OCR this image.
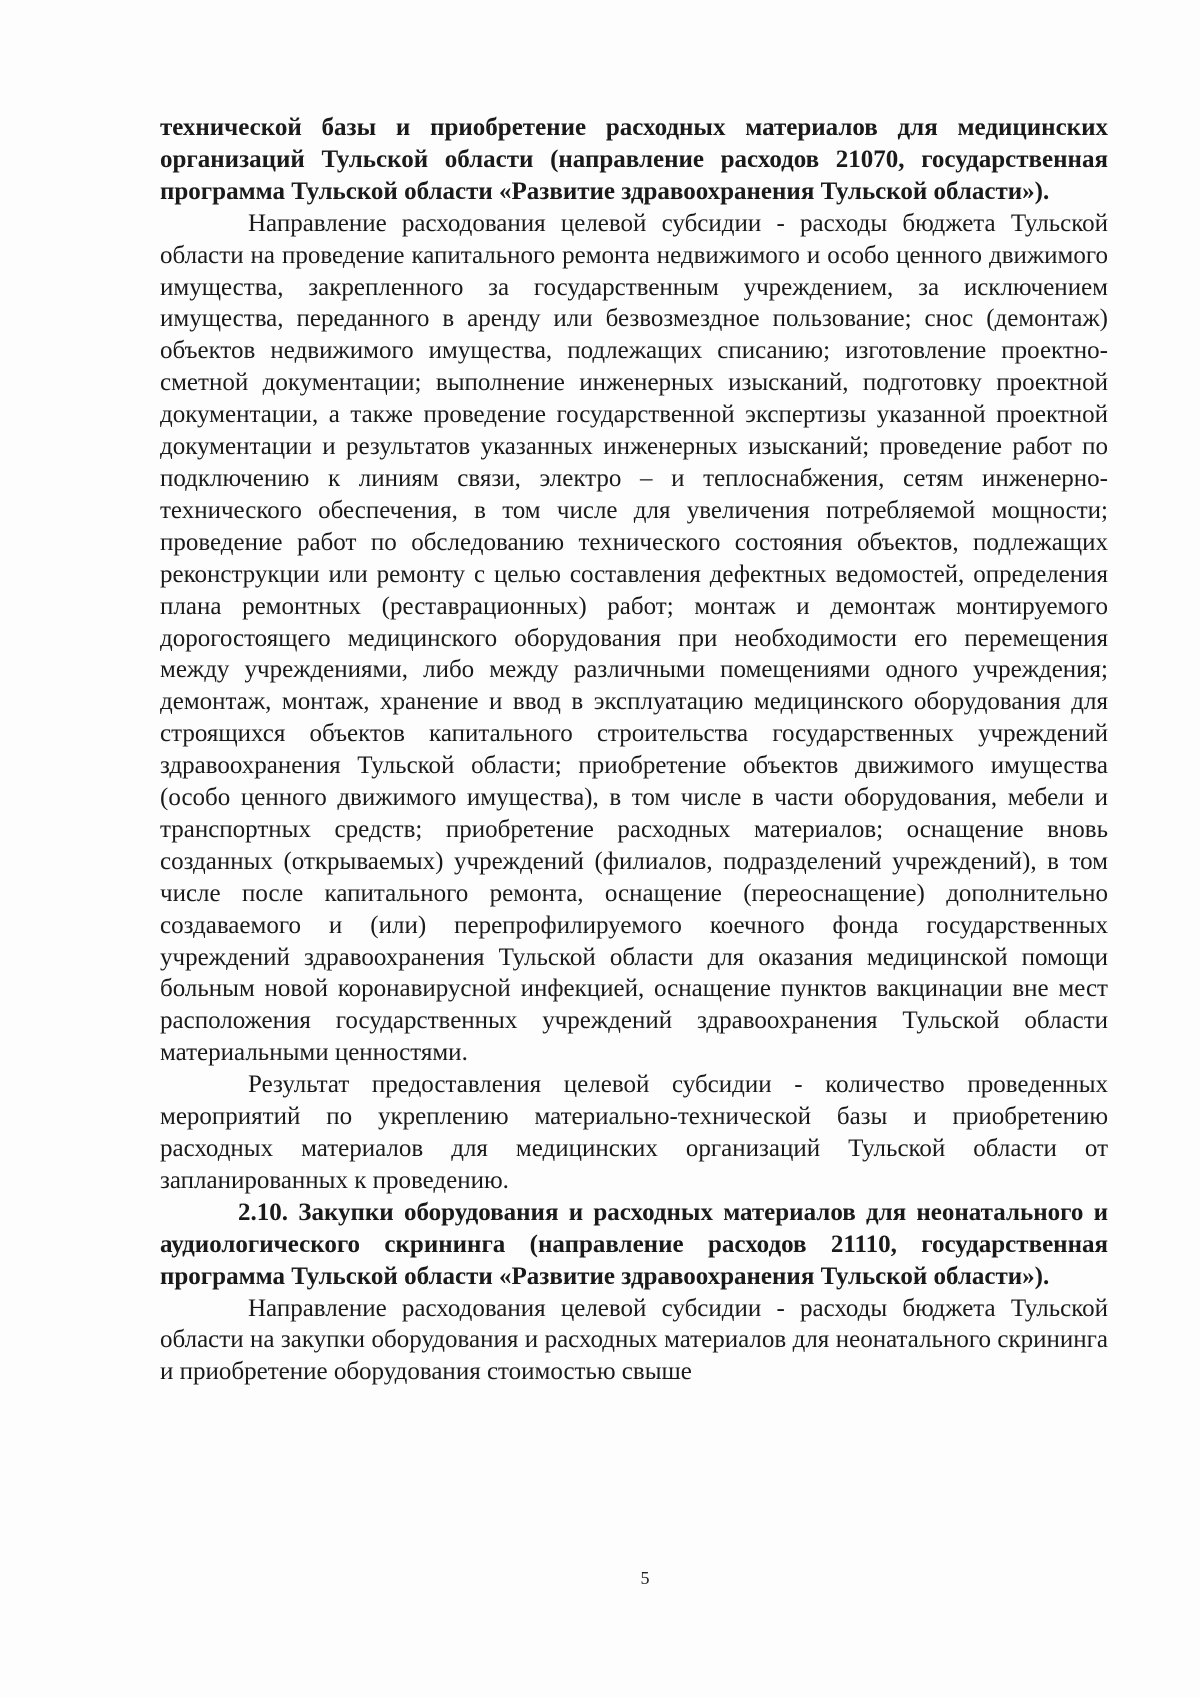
технической базы и приобретение расходных материалов для медицинских организаций Тульской области (направление расходов 21070, государственная программа Тульской области «Развитие здравоохранения Тульской области»).

Направление расходования целевой субсидии - расходы бюджета Тульской области на проведение капитального ремонта недвижимого и особо ценного движимого имущества, закрепленного за государственным учреждением, за исключением имущества, переданного в аренду или безвозмездное пользование; снос (демонтаж) объектов недвижимого имущества, подлежащих списанию; изготовление проектно-сметной документации; выполнение инженерных изысканий, подготовку проектной документации, а также проведение государственной экспертизы указанной проектной документации и результатов указанных инженерных изысканий; проведение работ по подключению к линиям связи, электро – и теплоснабжения, сетям инженерно-технического обеспечения, в том числе для увеличения потребляемой мощности; проведение работ по обследованию технического состояния объектов, подлежащих реконструкции или ремонту с целью составления дефектных ведомостей, определения плана ремонтных (реставрационных) работ; монтаж и демонтаж монтируемого дорогостоящего медицинского оборудования при необходимости его перемещения между учреждениями, либо между различными помещениями одного учреждения; демонтаж, монтаж, хранение и ввод в эксплуатацию медицинского оборудования для строящихся объектов капитального строительства государственных учреждений здравоохранения Тульской области; приобретение объектов движимого имущества (особо ценного движимого имущества), в том числе в части оборудования, мебели и транспортных средств; приобретение расходных материалов; оснащение вновь созданных (открываемых) учреждений (филиалов, подразделений учреждений), в том числе после капитального ремонта, оснащение (переоснащение) дополнительно создаваемого и (или) перепрофилируемого коечного фонда государственных учреждений здравоохранения Тульской области для оказания медицинской помощи больным новой коронавирусной инфекцией, оснащение пунктов вакцинации вне мест расположения государственных учреждений здравоохранения Тульской области материальными ценностями.

Результат предоставления целевой субсидии - количество проведенных мероприятий по укреплению материально-технической базы и приобретению расходных материалов для медицинских организаций Тульской области от запланированных к проведению.

2.10. Закупки оборудования и расходных материалов для неонатального и аудиологического скрининга (направление расходов 21110, государственная программа Тульской области «Развитие здравоохранения Тульской области»).

Направление расходования целевой субсидии - расходы бюджета Тульской области на закупки оборудования и расходных материалов для неонатального скрининга и приобретение оборудования стоимостью свыше

5
